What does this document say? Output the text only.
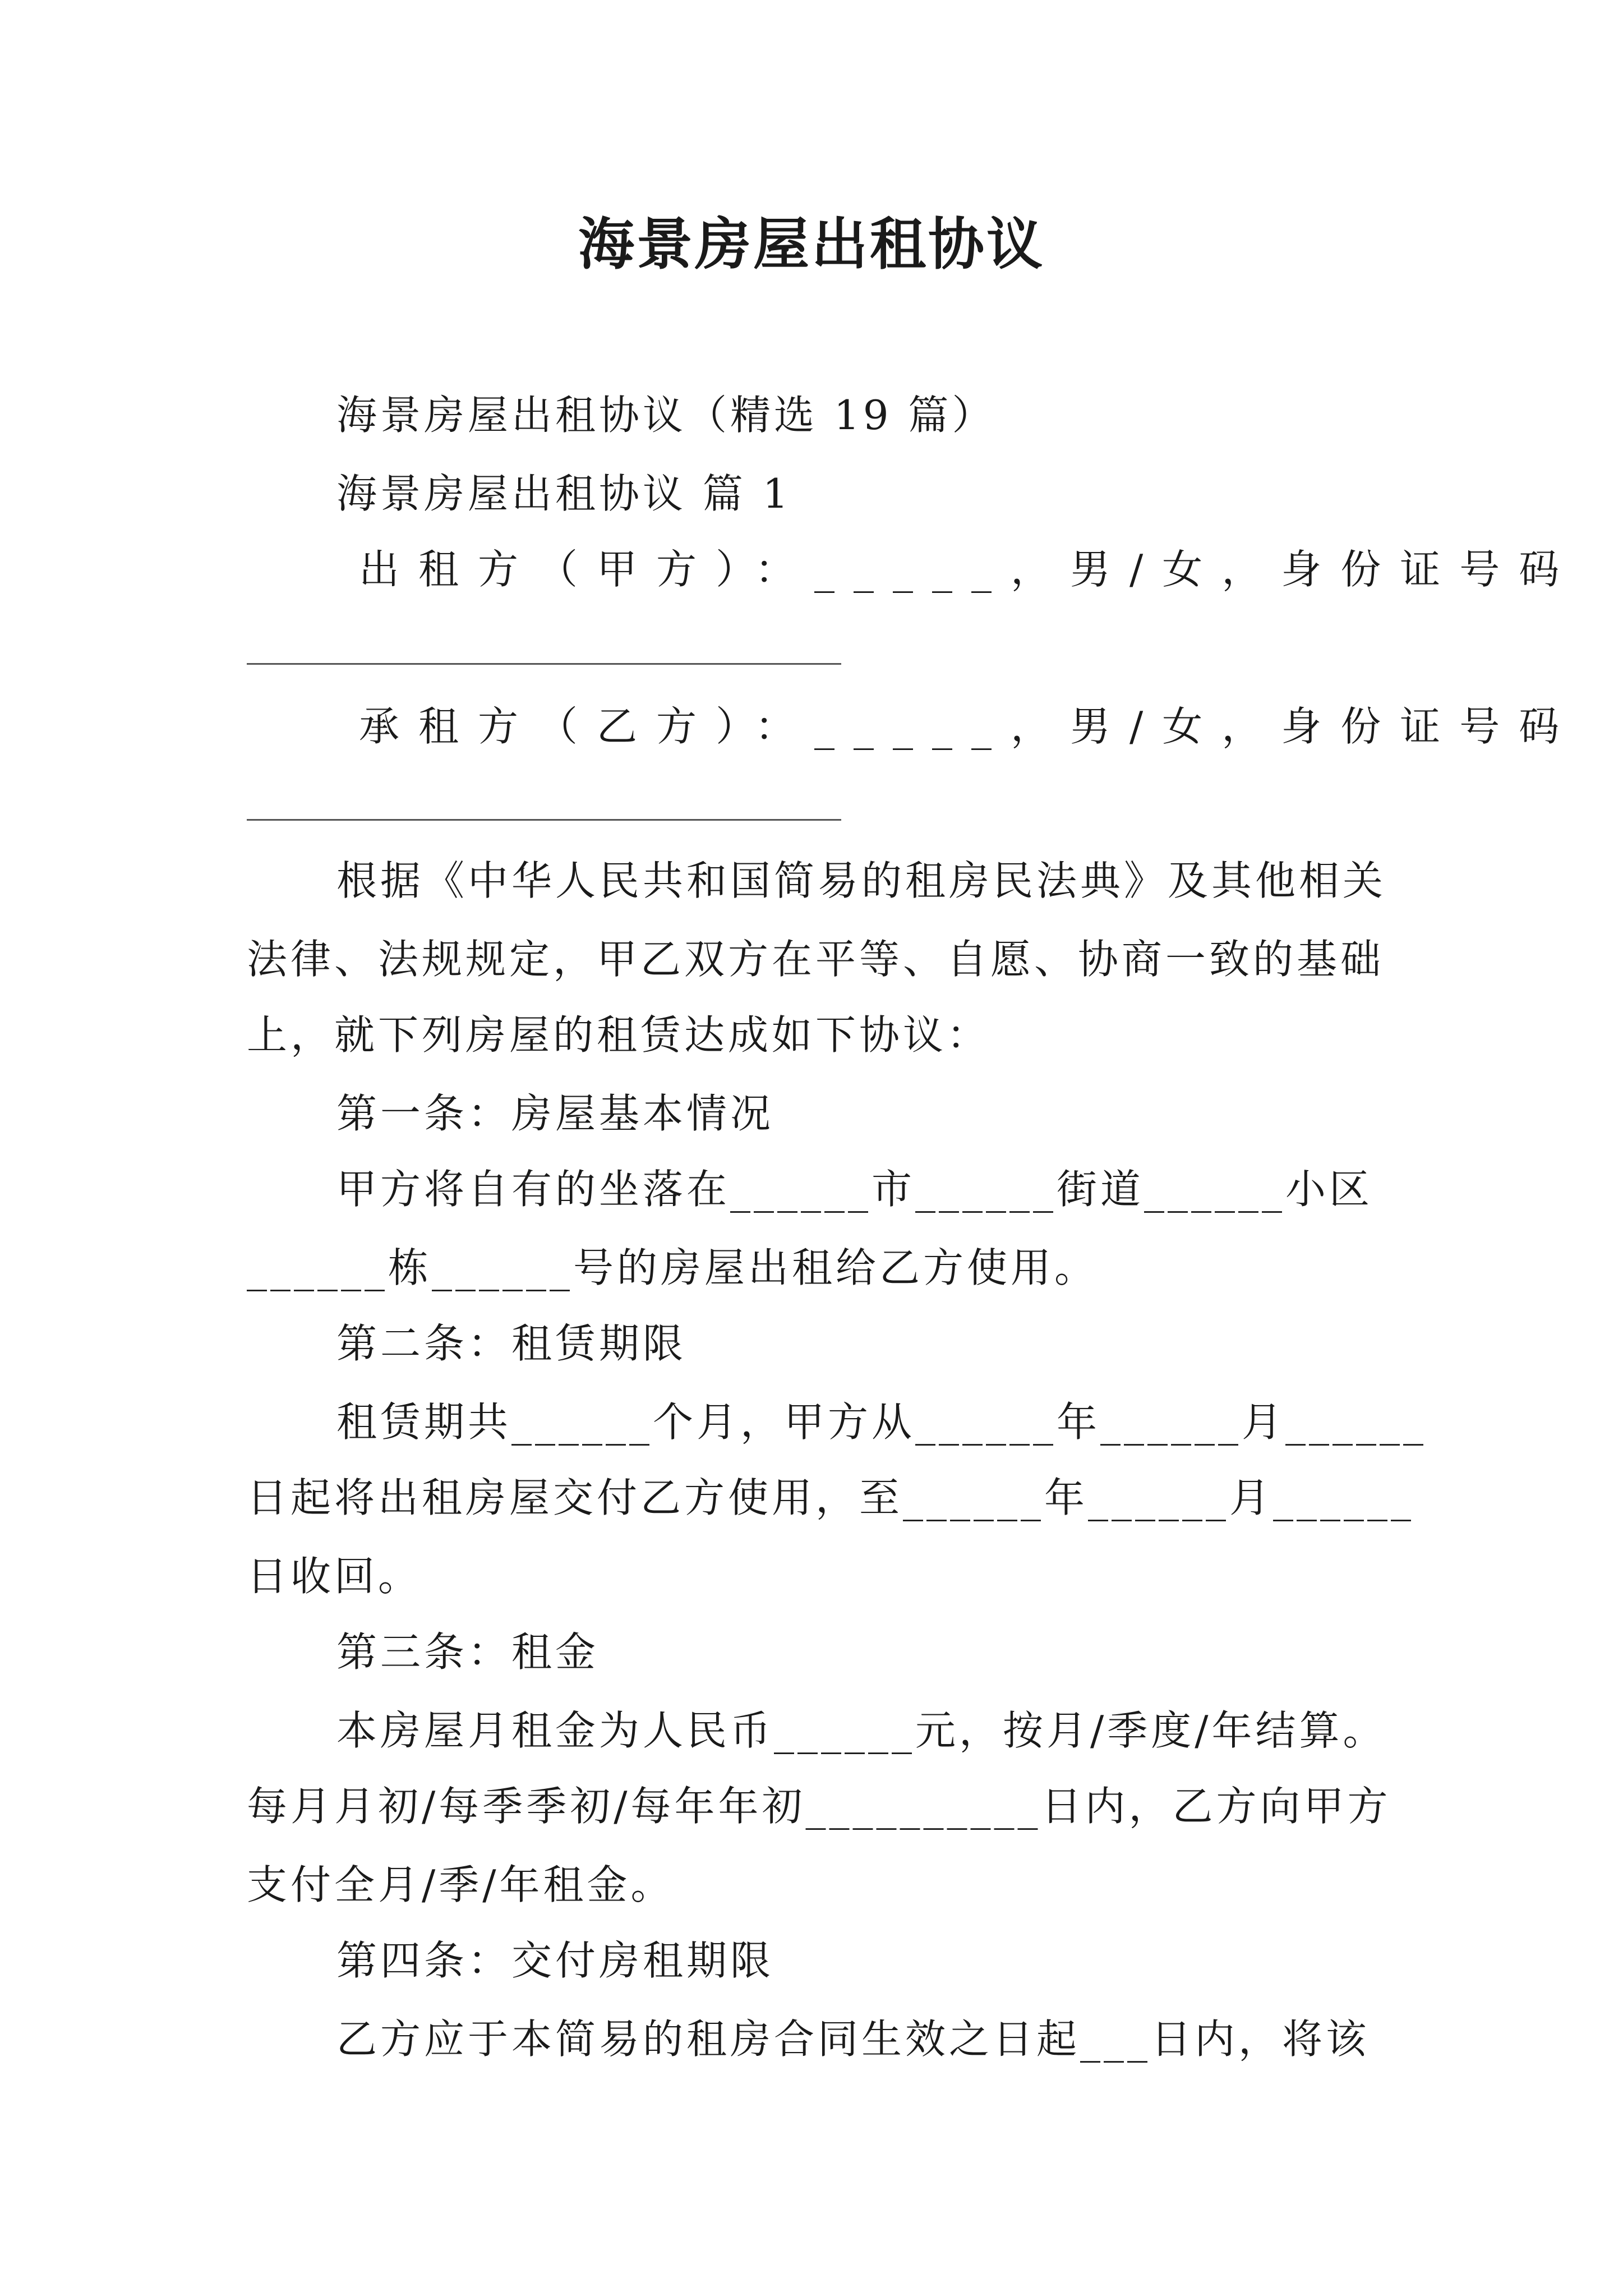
海景房屋出租协议
海景房屋出租协议（精选 19 篇）
海景房屋出租协议 篇 1
出租方（甲方）：_____，男/女，身份证号码
承租方（乙方）：_____，男/女，身份证号码
根据《中华人民共和国简易的租房民法典》及其他相关
法律、法规规定，甲乙双方在平等、自愿、协商一致的基础
上，就下列房屋的租赁达成如下协议：
第一条：房屋基本情况
甲方将自有的坐落在______市______街道______小区
______栋______号的房屋出租给乙方使用。
第二条：租赁期限
租赁期共______个月，甲方从______年______月______
日起将出租房屋交付乙方使用，至______年______月______
日收回。
第三条：租金
本房屋月租金为人民币______元，按月/季度/年结算。
每月月初/每季季初/每年年初__________日内，乙方向甲方
支付全月/季/年租金。
第四条：交付房租期限
乙方应于本简易的租房合同生效之日起___日内，将该
